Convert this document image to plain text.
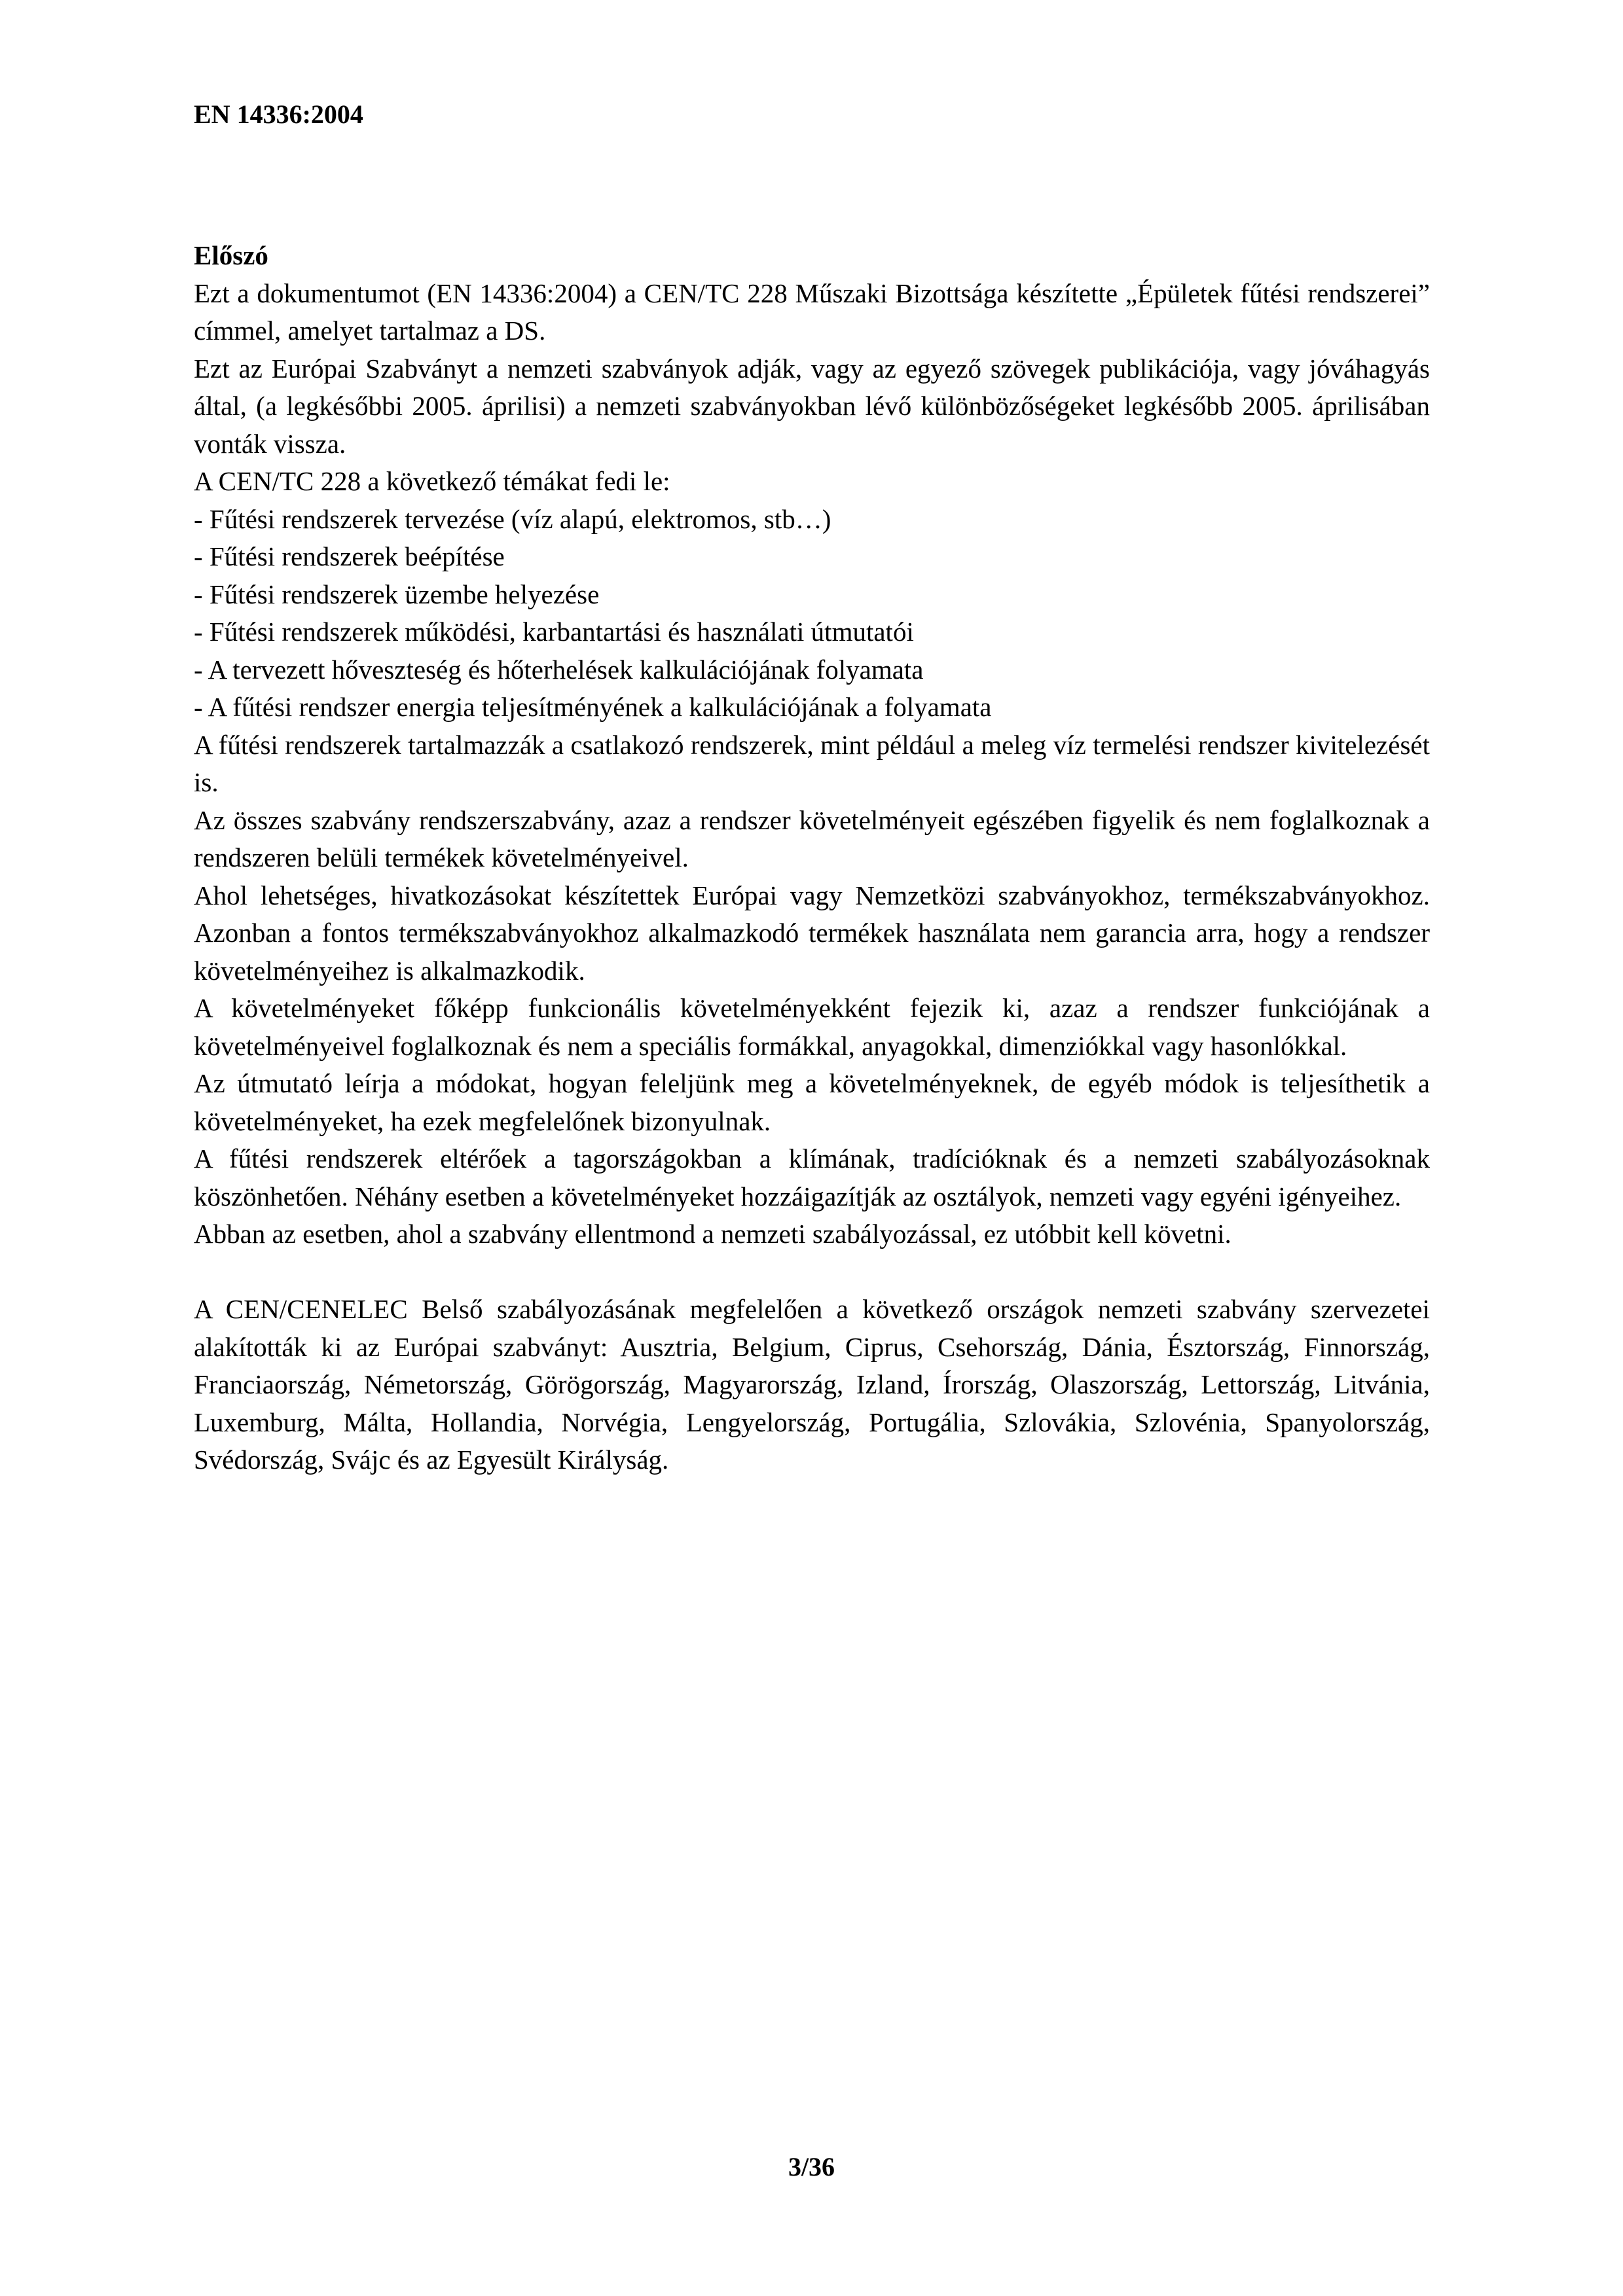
EN 14336:2004
Előszó

Ezt a dokumentumot (EN 14336:2004) a CEN/TC 228 Műszaki Bizottsága készítette „Épületek fűtési rendszerei” címmel, amelyet tartalmaz a DS.

Ezt az Európai Szabványt a nemzeti szabványok adják, vagy az egyező szövegek publikációja, vagy jóváhagyás által, (a legkésőbbi 2005. áprilisi) a nemzeti szabványokban lévő különbözőségeket legkésőbb 2005. áprilisában vonták vissza.

A CEN/TC 228 a következő témákat fedi le:

- Fűtési rendszerek tervezése (víz alapú, elektromos, stb…)
- Fűtési rendszerek beépítése
- Fűtési rendszerek üzembe helyezése
- Fűtési rendszerek működési, karbantartási és használati útmutatói
- A tervezett hőveszteség és hőterhelések kalkulációjának folyamata
- A fűtési rendszer energia teljesítményének a kalkulációjának a folyamata

A fűtési rendszerek tartalmazzák a csatlakozó rendszerek, mint például a meleg víz termelési rendszer kivitelezését is.

Az összes szabvány rendszerszabvány, azaz a rendszer követelményeit egészében figyelik és nem foglalkoznak a rendszeren belüli termékek követelményeivel.

Ahol lehetséges, hivatkozásokat készítettek Európai vagy Nemzetközi szabványokhoz, termékszabványokhoz. Azonban a fontos termékszabványokhoz alkalmazkodó termékek használata nem garancia arra, hogy a rendszer követelményeihez is alkalmazkodik.

A követelményeket főképp funkcionális követelményekként fejezik ki, azaz a rendszer funkciójának a követelményeivel foglalkoznak és nem a speciális formákkal, anyagokkal, dimenziókkal vagy hasonlókkal.

Az útmutató leírja a módokat, hogyan feleljünk meg a követelményeknek, de egyéb módok is teljesíthetik a követelményeket, ha ezek megfelelőnek bizonyulnak.

A fűtési rendszerek eltérőek a tagországokban a klímának, tradícióknak és a nemzeti szabályozásoknak köszönhetően. Néhány esetben a követelményeket hozzáigazítják az osztályok, nemzeti vagy egyéni igényeihez.

Abban az esetben, ahol a szabvány ellentmond a nemzeti szabályozással, ez utóbbit kell követni.

A CEN/CENELEC Belső szabályozásának megfelelően a következő országok nemzeti szabvány szervezetei alakították ki az Európai szabványt: Ausztria, Belgium, Ciprus, Csehország, Dánia, Észtország, Finnország, Franciaország, Németország, Görögország, Magyarország, Izland, Írország, Olaszország, Lettország, Litvánia, Luxemburg, Málta, Hollandia, Norvégia, Lengyelország, Portugália, Szlovákia, Szlovénia, Spanyolország, Svédország, Svájc és az Egyesült Királyság.

3/36
